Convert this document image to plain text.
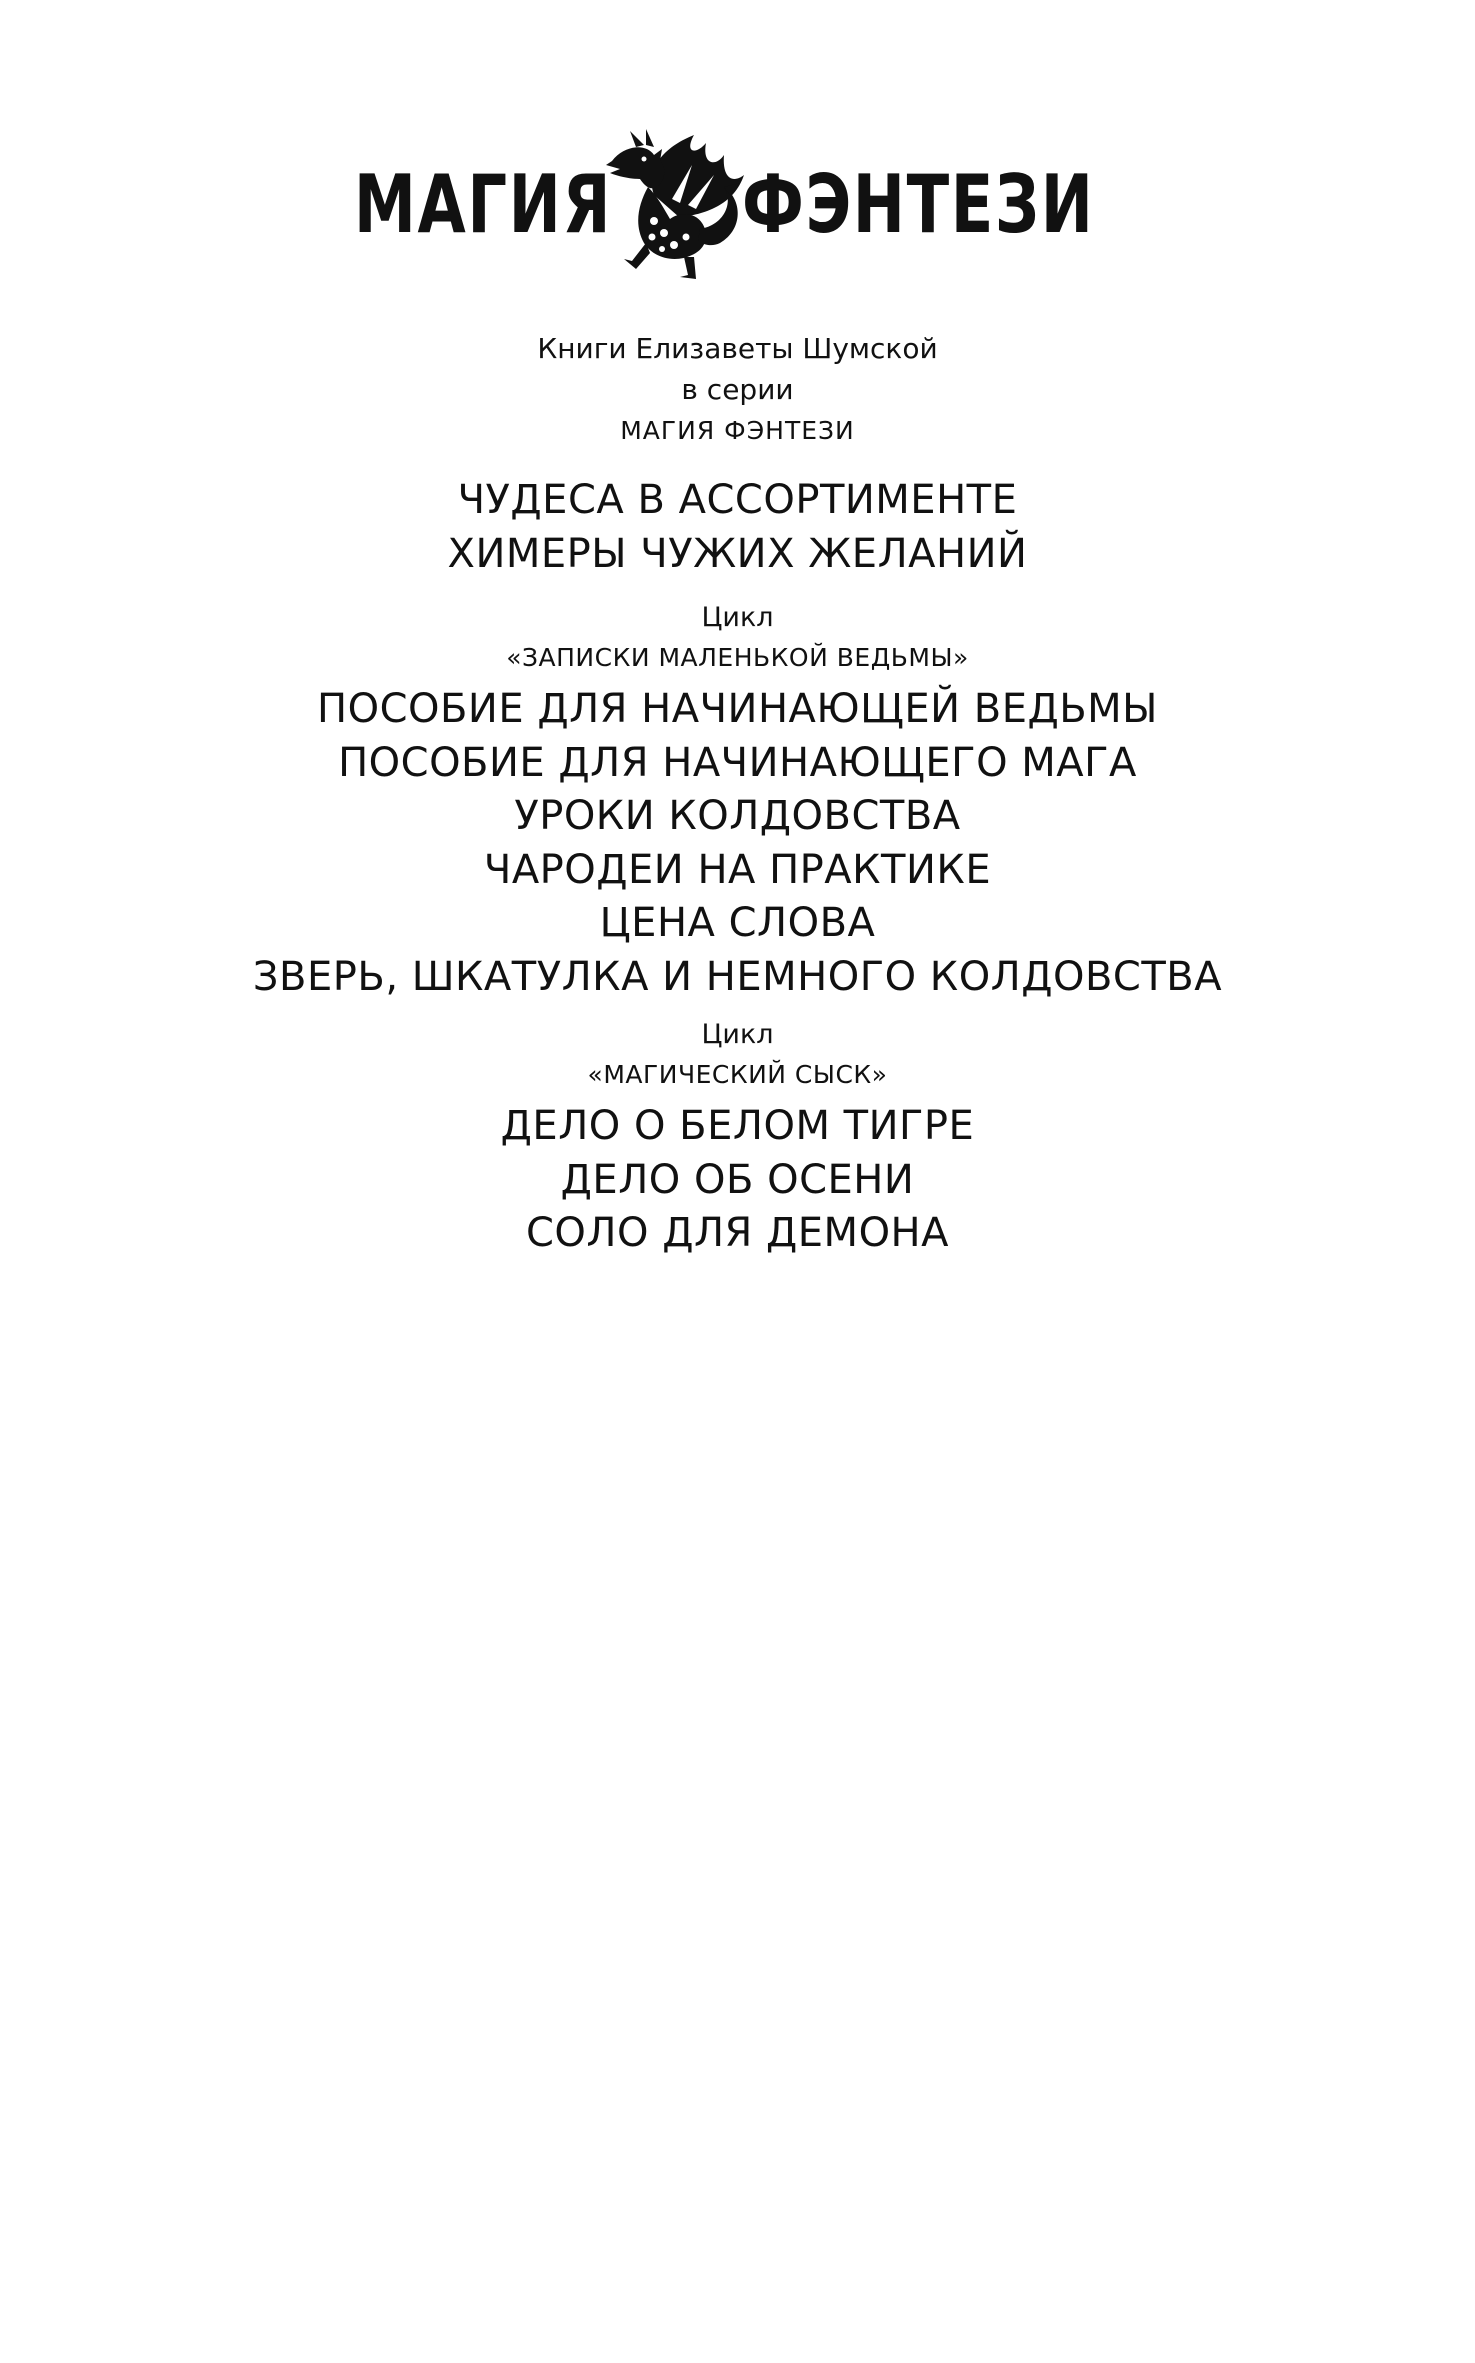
МАГИЯ ФЭНТЕЗИ
Книги Елизаветы Шумской
в серии
МАГИЯ ФЭНТЕЗИ
ЧУДЕСА В АССОРТИМЕНТЕ
ХИМЕРЫ ЧУЖИХ ЖЕЛАНИЙ
Цикл
«ЗАПИСКИ МАЛЕНЬКОЙ ВЕДЬМЫ»
ПОСОБИЕ ДЛЯ НАЧИНАЮЩЕЙ ВЕДЬМЫ
ПОСОБИЕ ДЛЯ НАЧИНАЮЩЕГО МАГА
УРОКИ КОЛДОВСТВА
ЧАРОДЕИ НА ПРАКТИКЕ
ЦЕНА СЛОВА
ЗВЕРЬ, ШКАТУЛКА И НЕМНОГО КОЛДОВСТВА
Цикл
«МАГИЧЕСКИЙ СЫСК»
ДЕЛО О БЕЛОМ ТИГРЕ
ДЕЛО ОБ ОСЕНИ
СОЛО ДЛЯ ДЕМОНА
